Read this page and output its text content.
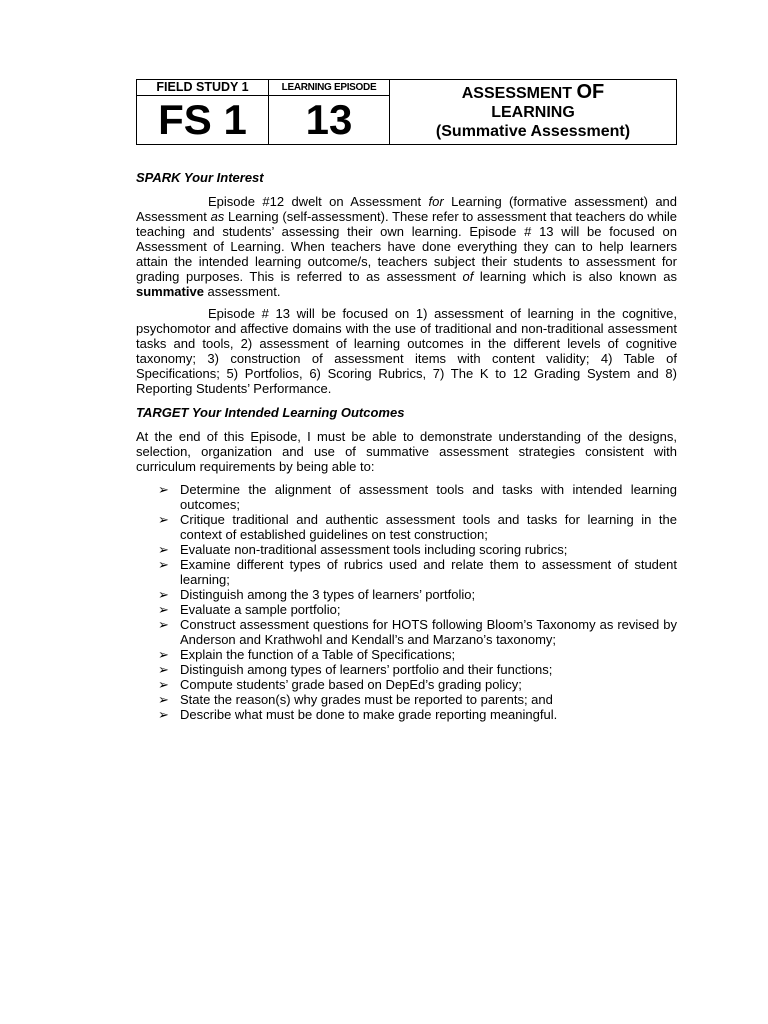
FIELD STUDY 1
FS 1
LEARNING EPISODE
13
ASSESSMENT OF
LEARNING
(Summative Assessment)
SPARK Your Interest
Episode #12 dwelt on Assessment for Learning (formative assessment) and Assessment as Learning (self-assessment). These refer to assessment that teachers do while teaching and students’ assessing their own learning. Episode # 13 will be focused on Assessment of Learning. When teachers have done everything they can to help learners attain the intended learning outcome/s, teachers subject their students to assessment for grading purposes. This is referred to as assessment of learning which is also known as summative assessment.
Episode # 13 will be focused on 1) assessment of learning in the cognitive, psychomotor and affective domains with the use of traditional and non-traditional assessment tasks and tools, 2) assessment of learning outcomes in the different levels of cognitive taxonomy; 3) construction of assessment items with content validity; 4) Table of Specifications; 5) Portfolios, 6) Scoring Rubrics, 7) The K to 12 Grading System and 8) Reporting Students’ Performance.
TARGET Your Intended Learning Outcomes
At the end of this Episode, I must be able to demonstrate understanding of the designs, selection, organization and use of summative assessment strategies consistent with curriculum requirements by being able to:
➢ Determine the alignment of assessment tools and tasks with intended learning outcomes;
➢ Critique traditional and authentic assessment tools and tasks for learning in the context of established guidelines on test construction;
➢ Evaluate non-traditional assessment tools including scoring rubrics;
➢ Examine different types of rubrics used and relate them to assessment of student learning;
➢ Distinguish among the 3 types of learners’ portfolio;
➢ Evaluate a sample portfolio;
➢ Construct assessment questions for HOTS following Bloom’s Taxonomy as revised by Anderson and Krathwohl and Kendall’s and Marzano’s taxonomy;
➢ Explain the function of a Table of Specifications;
➢ Distinguish among types of learners’ portfolio and their functions;
➢ Compute students’ grade based on DepEd’s grading policy;
➢ State the reason(s) why grades must be reported to parents; and
➢ Describe what must be done to make grade reporting meaningful.
